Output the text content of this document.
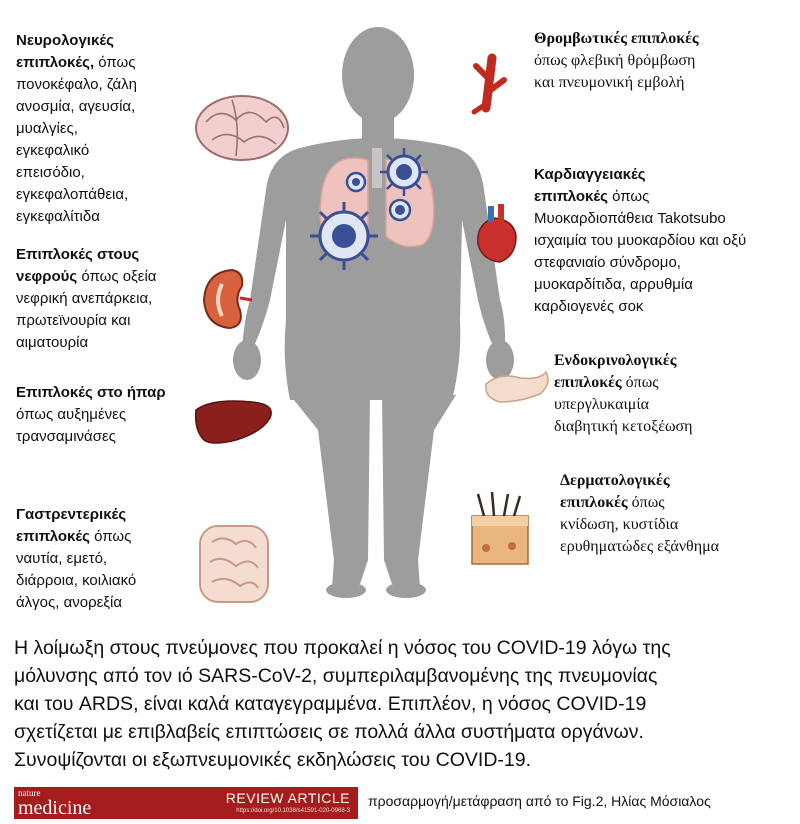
Νευρολογικές
επιπλοκές, όπως
πονοκέφαλο, ζάλη
ανοσμία, αγευσία,
μυαλγίες,
εγκεφαλικό
επεισόδιο,
εγκεφαλοπάθεια,
εγκεφαλίτιδα
Επιπλοκές στους
νεφρούς όπως οξεία
νεφρική ανεπάρκεια,
πρωτεϊνουρία και
αιματουρία
Επιπλοκές στο ήπαρ
όπως αυξημένες
τρανσαμινάσες
Γαστρεντερικές
επιπλοκές όπως
ναυτία, εμετό,
διάρροια, κοιλιακό
άλγος, ανορεξία
Θρομβωτικές επιπλοκές
όπως φλεβική θρόμβωση
και πνευμονική εμβολή
Καρδιαγγειακές
επιπλοκές όπως
Μυοκαρδιοπάθεια Takotsubo
ισχαιμία του μυοκαρδίου και οξύ
στεφανιαίο σύνδρομο,
μυοκαρδίτιδα, αρρυθμία
καρδιογενές σοκ
Ενδοκρινολογικές
επιπλοκές όπως
υπεργλυκαιμία
διαβητική κετοξέωση
Δερματολογικές
επιπλοκές όπως
κνίδωση, κυστίδια
ερυθηματώδες εξάνθημα
Η λοίμωξη στους πνεύμονες που προκαλεί η νόσος του COVID-19 λόγω της
μόλυνσης από τον ιό SARS-CoV-2, συμπεριλαμβανομένης της πνευμονίας
και του ARDS, είναι καλά καταγεγραμμένα. Επιπλέον, η νόσος COVID-19
σχετίζεται με επιβλαβείς επιπτώσεις σε πολλά άλλα συστήματα οργάνων.
Συνοψίζονται οι εξωπνευμονικές εκδηλώσεις του COVID-19.
nature
medicine	REVIEW ARTICLE
https://doi.org/10.1038/s41591-020-0968-3
προσαρμογή/μετάφραση από το Fig.2, Ηλίας Μόσιαλος
